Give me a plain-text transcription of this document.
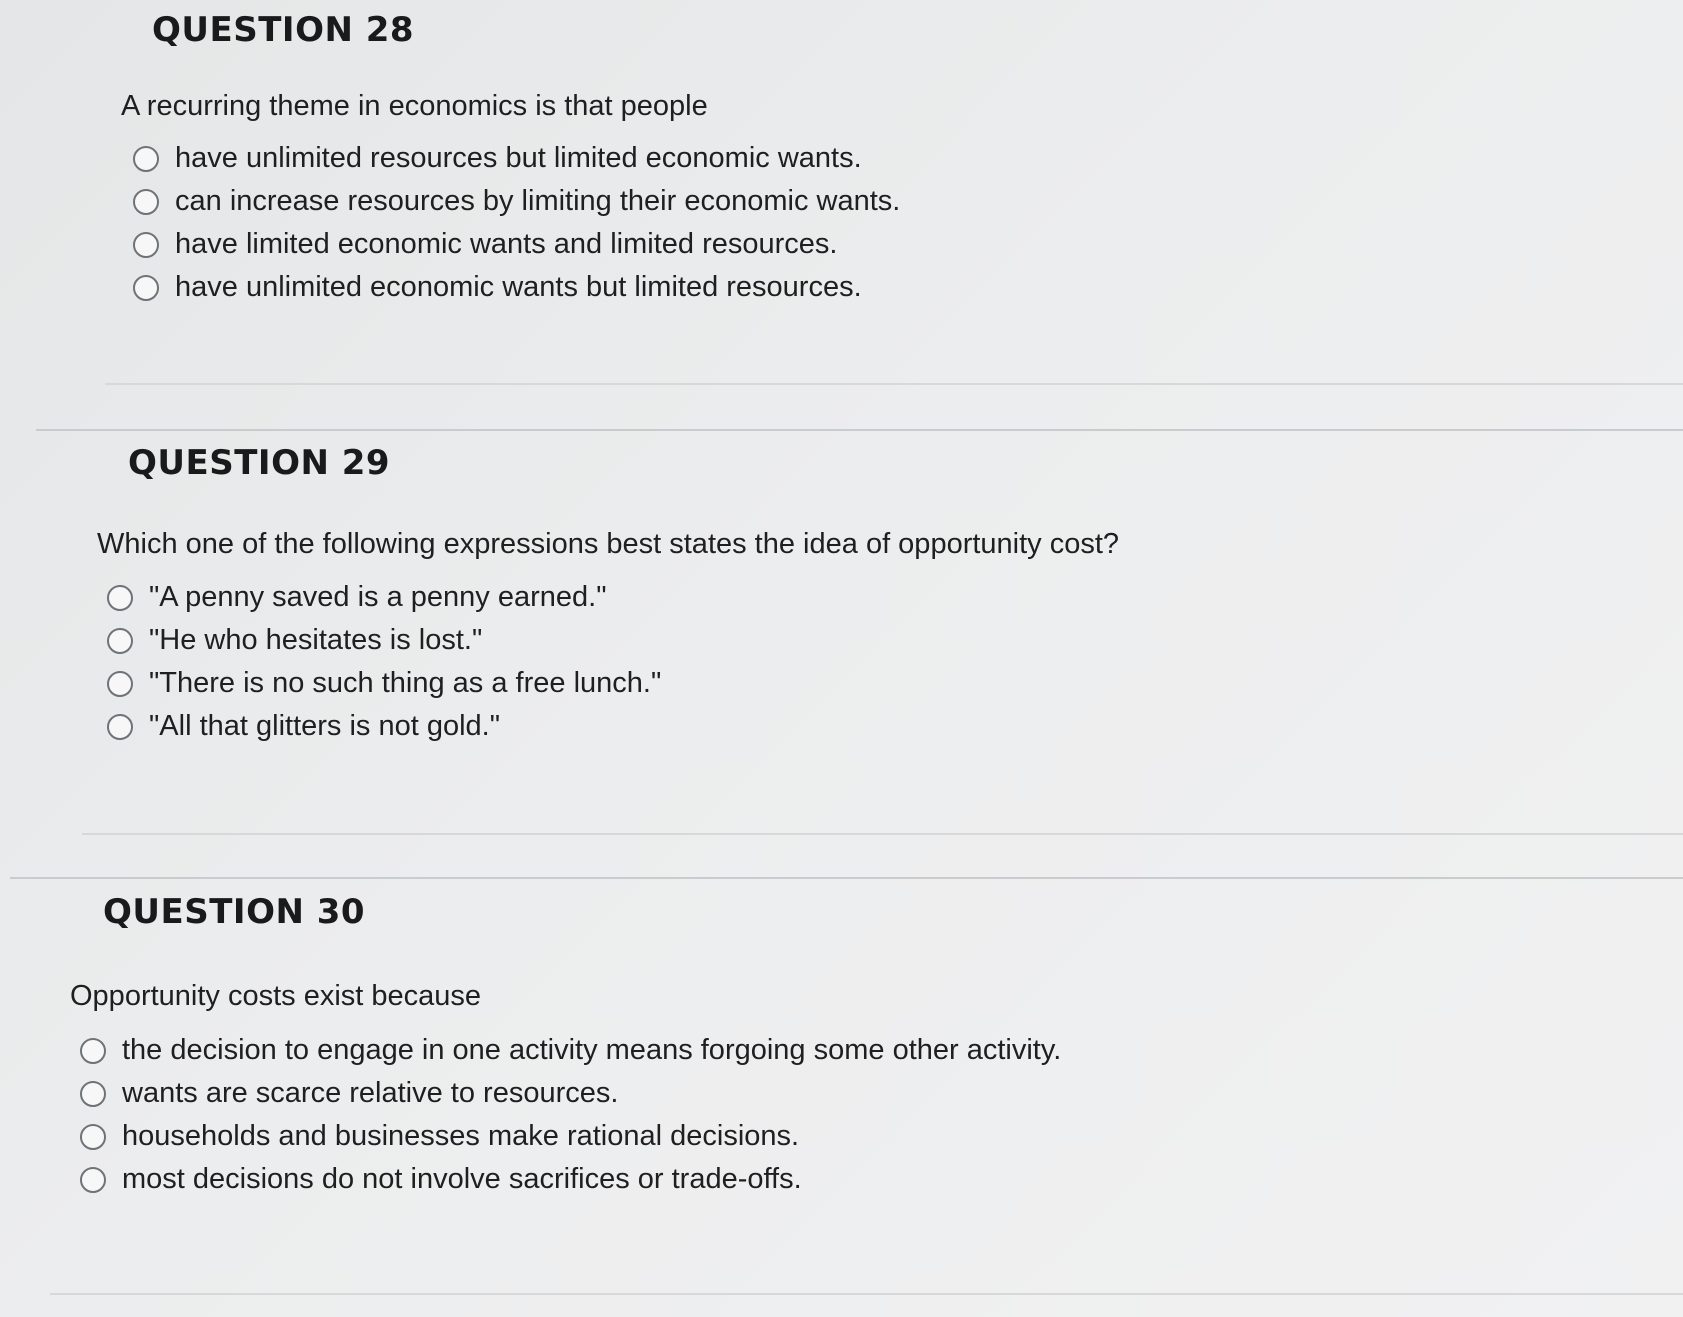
QUESTION 28

A recurring theme in economics is that people

have unlimited resources but limited economic wants.
can increase resources by limiting their economic wants.
have limited economic wants and limited resources.
have unlimited economic wants but limited resources.
QUESTION 29

Which one of the following expressions best states the idea of opportunity cost?

"A penny saved is a penny earned."
"He who hesitates is lost."
"There is no such thing as a free lunch."
"All that glitters is not gold."
QUESTION 30

Opportunity costs exist because

the decision to engage in one activity means forgoing some other activity.
wants are scarce relative to resources.
households and businesses make rational decisions.
most decisions do not involve sacrifices or trade-offs.
